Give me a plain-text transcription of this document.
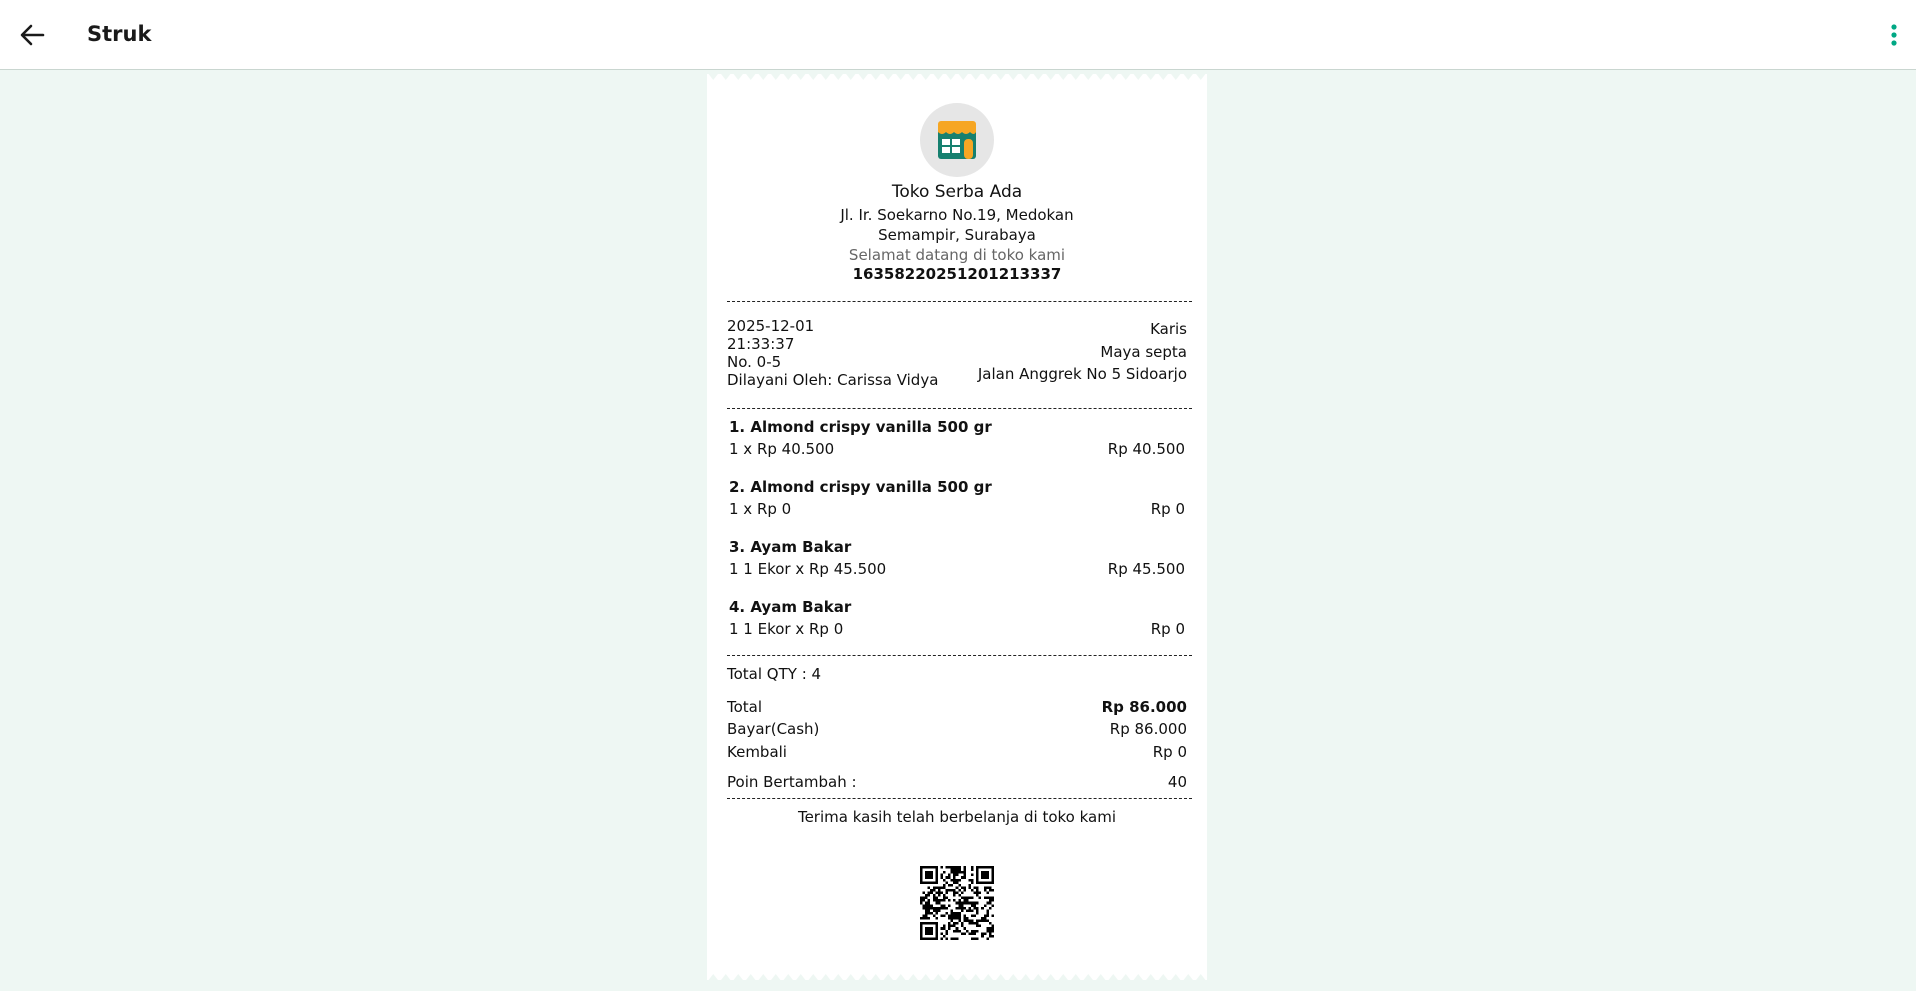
Struk
Toko Serba Ada
Jl. Ir. Soekarno No.19, Medokan
Semampir, Surabaya
Selamat datang di toko kami
16358220251201213337
2025-12-01
21:33:37
No. 0-5
Dilayani Oleh: Carissa Vidya
Karis
Maya septa
Jalan Anggrek No 5 Sidoarjo
1. Almond crispy vanilla 500 gr
1 x Rp 40.500	Rp 40.500
2. Almond crispy vanilla 500 gr
1 x Rp 0	Rp 0
3. Ayam Bakar
1 1 Ekor x Rp 45.500	Rp 45.500
4. Ayam Bakar
1 1 Ekor x Rp 0	Rp 0
Total QTY : 4
Total	Rp 86.000
Bayar(Cash)	Rp 86.000
Kembali	Rp 0
Poin Bertambah :	40
Terima kasih telah berbelanja di toko kami
